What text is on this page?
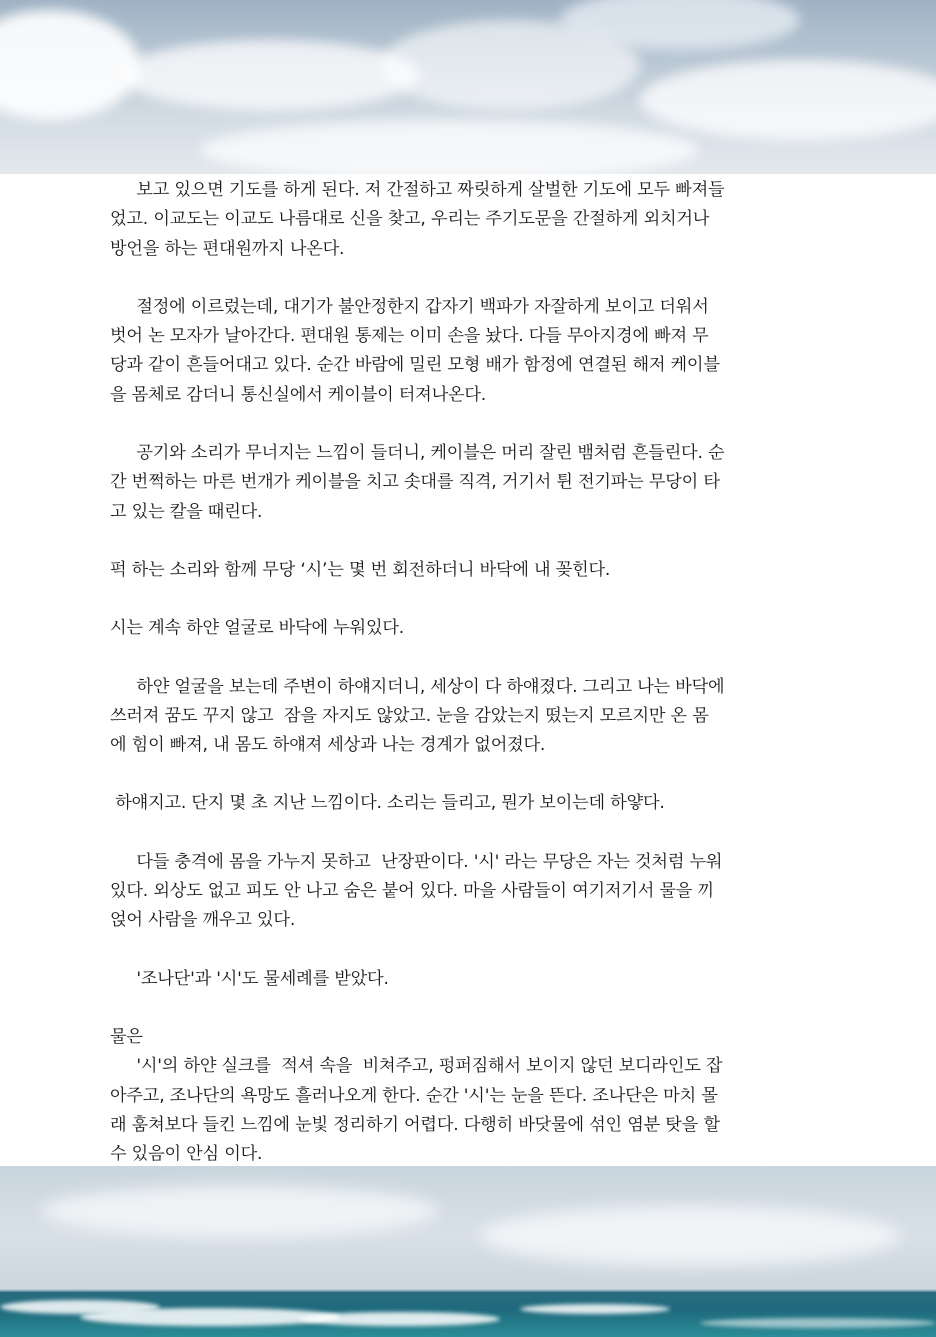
보고 있으면 기도를 하게 된다. 저 간절하고 짜릿하게 살벌한 기도에 모두 빠져들
었고. 이교도는 이교도 나름대로 신을 찾고, 우리는 주기도문을 간절하게 외치거나
방언을 하는 편대원까지 나온다.

절정에 이르렀는데, 대기가 불안정한지 갑자기 백파가 자잘하게 보이고 더워서
벗어 논 모자가 날아간다. 편대원 통제는 이미 손을 놨다. 다들 무아지경에 빠져 무
당과 같이 흔들어대고 있다. 순간 바람에 밀린 모형 배가 함정에 연결된 해저 케이블
을 몸체로 감더니 통신실에서 케이블이 터져나온다.

공기와 소리가 무너지는 느낌이 들더니, 케이블은 머리 잘린 뱀처럼 흔들린다. 순
간 번쩍하는 마른 번개가 케이블을 치고 솟대를 직격, 거기서 튄 전기파는 무당이 타
고 있는 칼을 때린다.

퍽 하는 소리와 함께 무당 ‘시’는 몇 번 회전하더니 바닥에 내 꽂힌다.

시는 계속 하얀 얼굴로 바닥에 누워있다.

하얀 얼굴을 보는데 주변이 하얘지더니, 세상이 다 하얘졌다. 그리고 나는 바닥에
쓰러져 꿈도 꾸지 않고  잠을 자지도 않았고. 눈을 감았는지 떴는지 모르지만 온 몸
에 힘이 빠져, 내 몸도 하얘져 세상과 나는 경계가 없어졌다.

하얘지고. 단지 몇 초 지난 느낌이다. 소리는 들리고, 뭔가 보이는데 하얗다.

다들 충격에 몸을 가누지 못하고  난장판이다. '시' 라는 무당은 자는 것처럼 누워
있다. 외상도 없고 피도 안 나고 숨은 붙어 있다. 마을 사람들이 여기저기서 물을 끼
얹어 사람을 깨우고 있다.

'조나단'과 '시'도 물세례를 받았다.

물은
'시'의 하얀 실크를  적셔 속을  비쳐주고, 펑퍼짐해서 보이지 않던 보디라인도 잡
아주고, 조나단의 욕망도 흘러나오게 한다. 순간 '시'는 눈을 뜬다. 조나단은 마치 몰
래 훔쳐보다 들킨 느낌에 눈빛 정리하기 어렵다. 다행히 바닷물에 섞인 염분 탓을 할
수 있음이 안심 이다.
